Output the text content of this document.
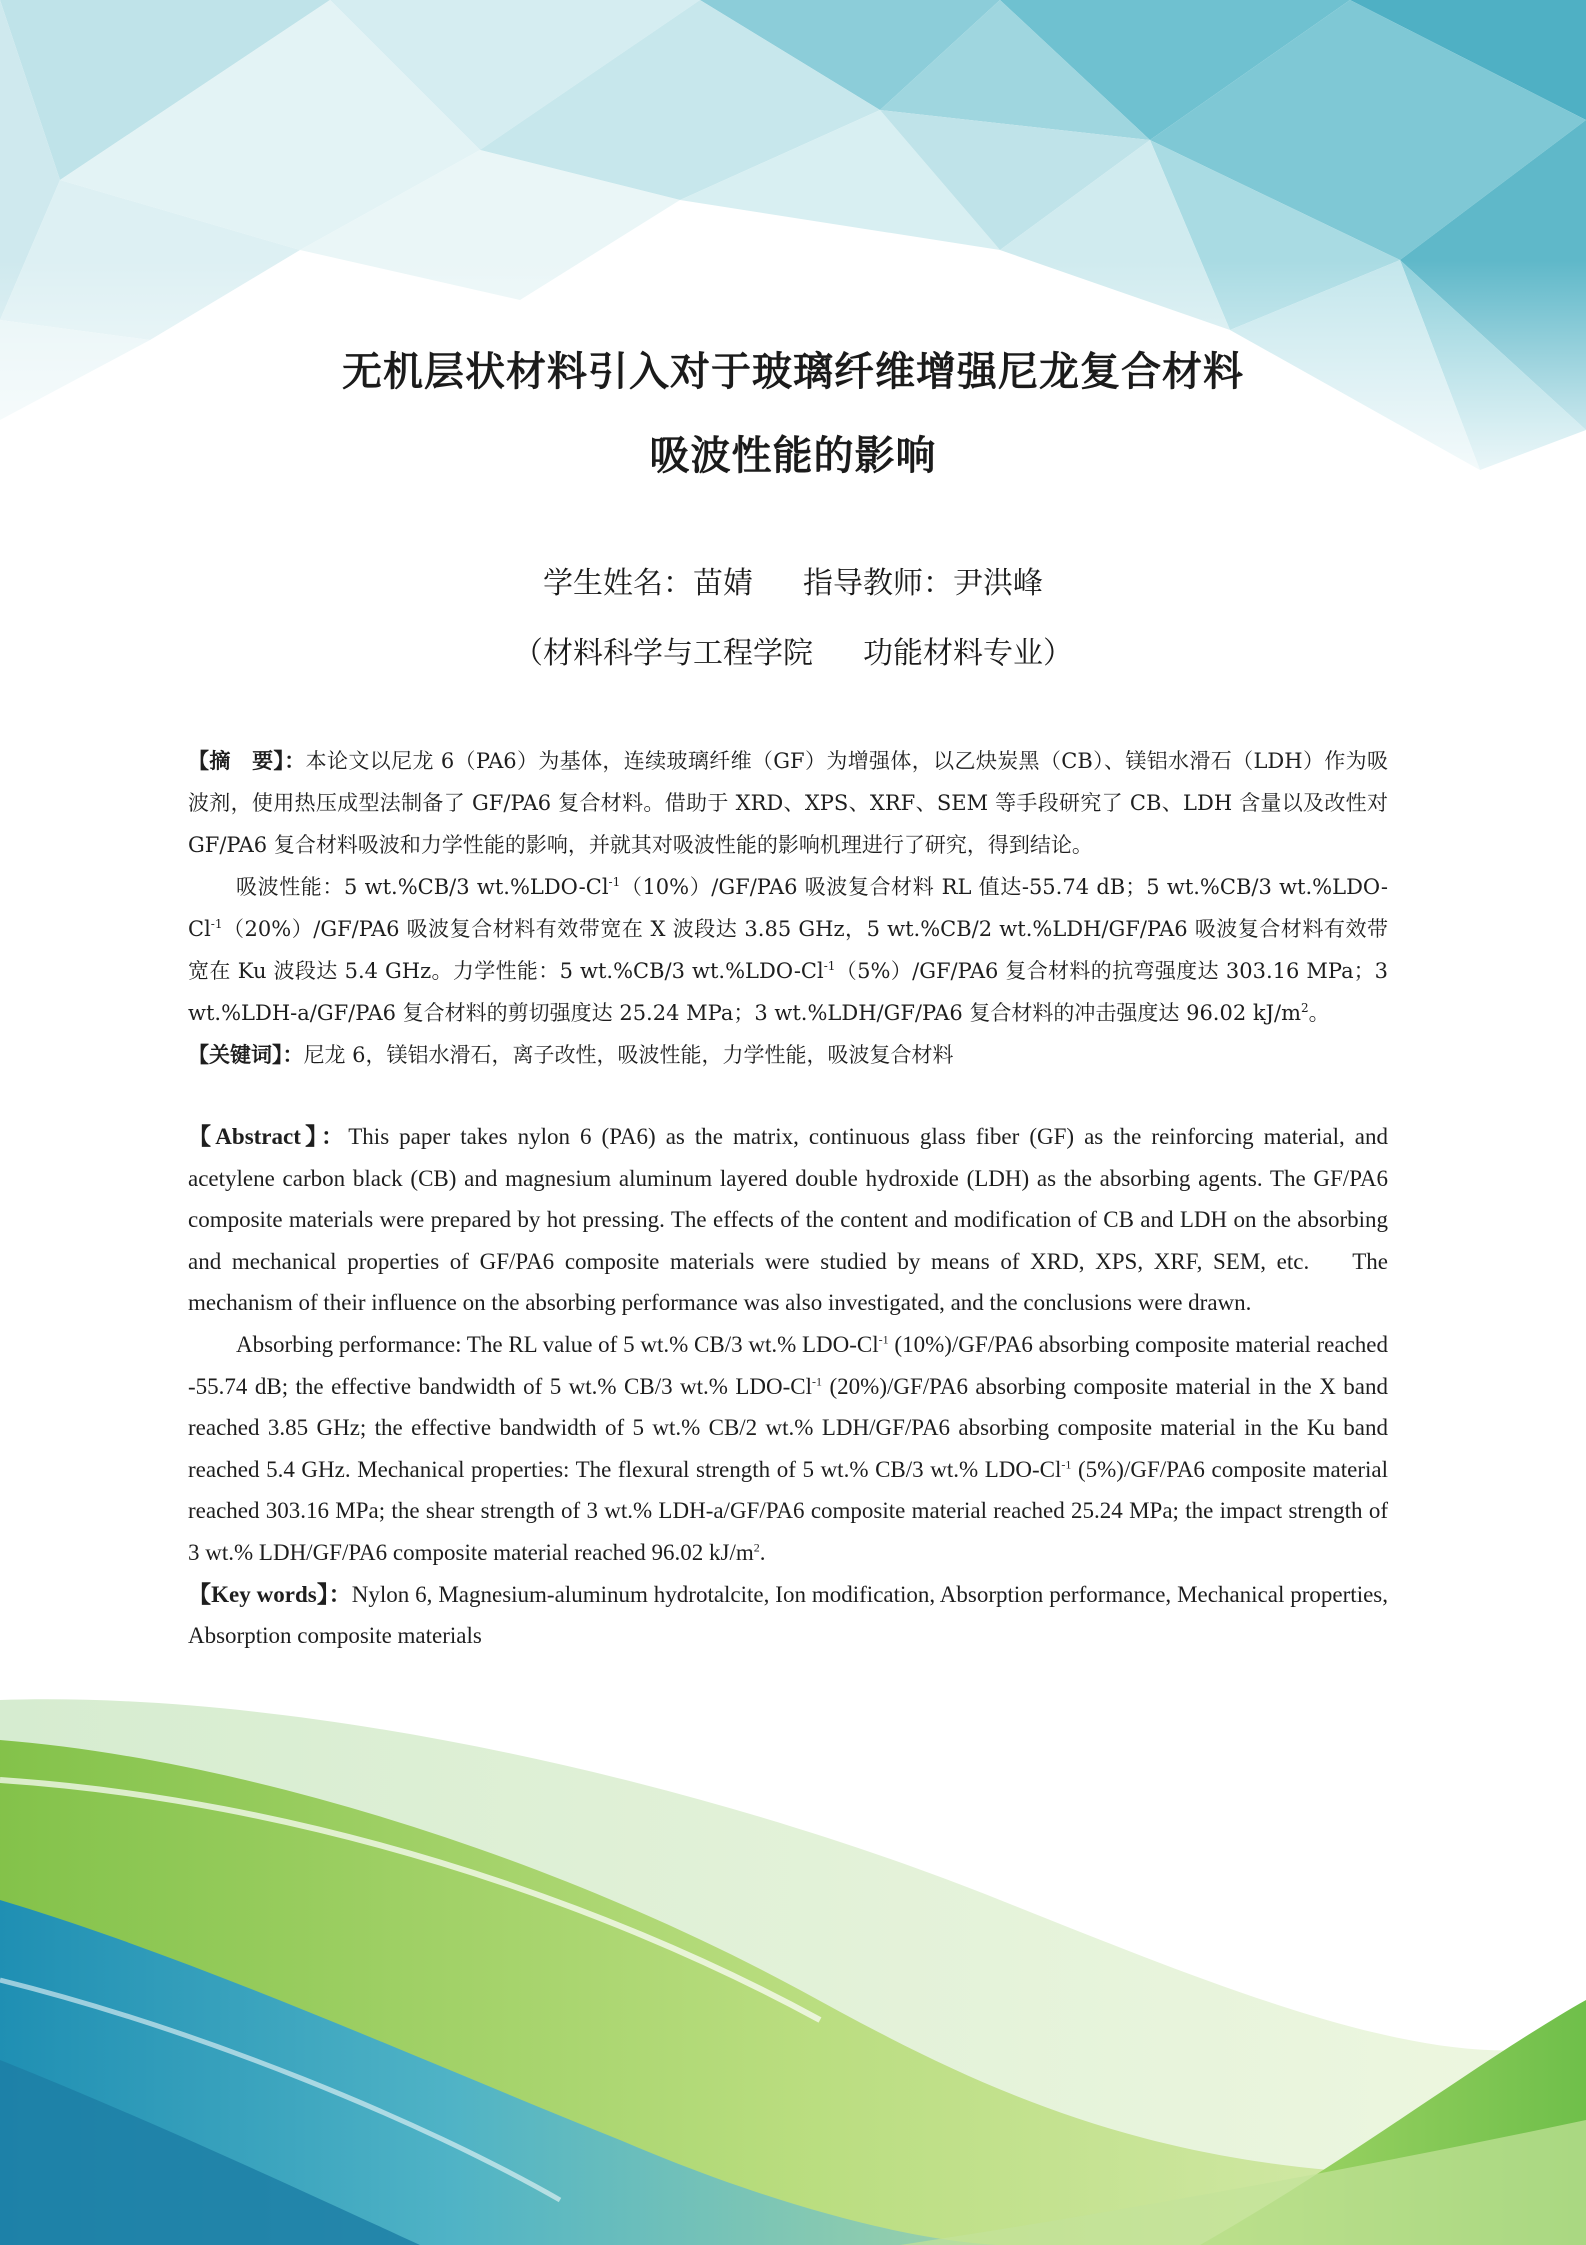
无机层状材料引入对于玻璃纤维增强尼龙复合材料
吸波性能的影响
学生姓名：苗婧 指导教师：尹洪峰
（材料科学与工程学院 功能材料专业）

【摘　要】：本论文以尼龙 6（PA6）为基体，连续玻璃纤维（GF）为增强体，以乙炔炭黑（CB）、镁铝水滑石（LDH）作为吸波剂，使用热压成型法制备了 GF/PA6 复合材料。借助于 XRD、XPS、XRF、SEM 等手段研究了 CB、LDH 含量以及改性对 GF/PA6 复合材料吸波和力学性能的影响，并就其对吸波性能的影响机理进行了研究，得到结论。

吸波性能：5 wt.%CB/3 $wt.\%LDO-Cl^{-1}(10\%)/GF/PA6$ 吸波复合材料 RL 值达-55.74 dB；5 wt.%CB/3 $wt.\%LDO-Cl^{-1}(20\%)/GF/PA6$ 吸波复合材料有效带宽在 X 波段达 3.85 GHz，5 wt.%CB/2 wt.%LDH/GF/PA6 吸波复合材料有效带宽在 Ku 波段达 5.4 GHz。力学性能：5 wt.%CB/3 $wt.\%LDO-Cl^{-1}(5\%)/GF/PA6$ 复合材料的抗弯强度达 303.16 MPa；3 wt.%LDH-a/GF/PA6 复合材料的剪切强度达 25.24 MPa；3 wt.%LDH/GF/PA6 复合材料的冲击强度达 96.02 $kJ/m^2$。

【关键词】：尼龙 6，镁铝水滑石，离子改性，吸波性能，力学性能，吸波复合材料

【Abstract】：This paper takes nylon 6 (PA6) as the matrix, continuous glass fiber (GF) as the reinforcing material, and acetylene carbon black (CB) and magnesium aluminum layered double hydroxide (LDH) as the absorbing agents. The GF/PA6 composite materials were prepared by hot pressing. The effects of the content and modification of CB and LDH on the absorbing and mechanical properties of GF/PA6 composite materials were studied by means of XRD, XPS, XRF, SEM, etc.　 The mechanism of their influence on the absorbing performance was also investigated, and the conclusions were drawn.

Absorbing performance: The RL value of 5 wt.% CB/3 wt.% LDO-$Cl^{-1}$ (10%)/GF/PA6 absorbing composite material reached -55.74 dB; the effective bandwidth of 5 wt.% CB/3 wt.% LDO-$Cl^{-1}$ (20%)/GF/PA6 absorbing composite material in the X band reached 3.85 GHz; the effective bandwidth of 5 wt.% CB/2 wt.% LDH/GF/PA6 absorbing composite material in the Ku band reached 5.4 GHz. Mechanical properties: The flexural strength of 5 wt.% CB/3 wt.% LDO-$Cl^{-1}$ (5%)/GF/PA6 composite material reached 303.16 MPa; the shear strength of 3 wt.% LDH-a/GF/PA6 composite material reached 25.24 MPa; the impact strength of 3 wt.% LDH/GF/PA6 composite material reached 96.02 $kJ/m^2$.

【Key words】：Nylon 6, Magnesium-aluminum hydrotalcite, Ion modification, Absorption performance, Mechanical properties, Absorption composite materials
